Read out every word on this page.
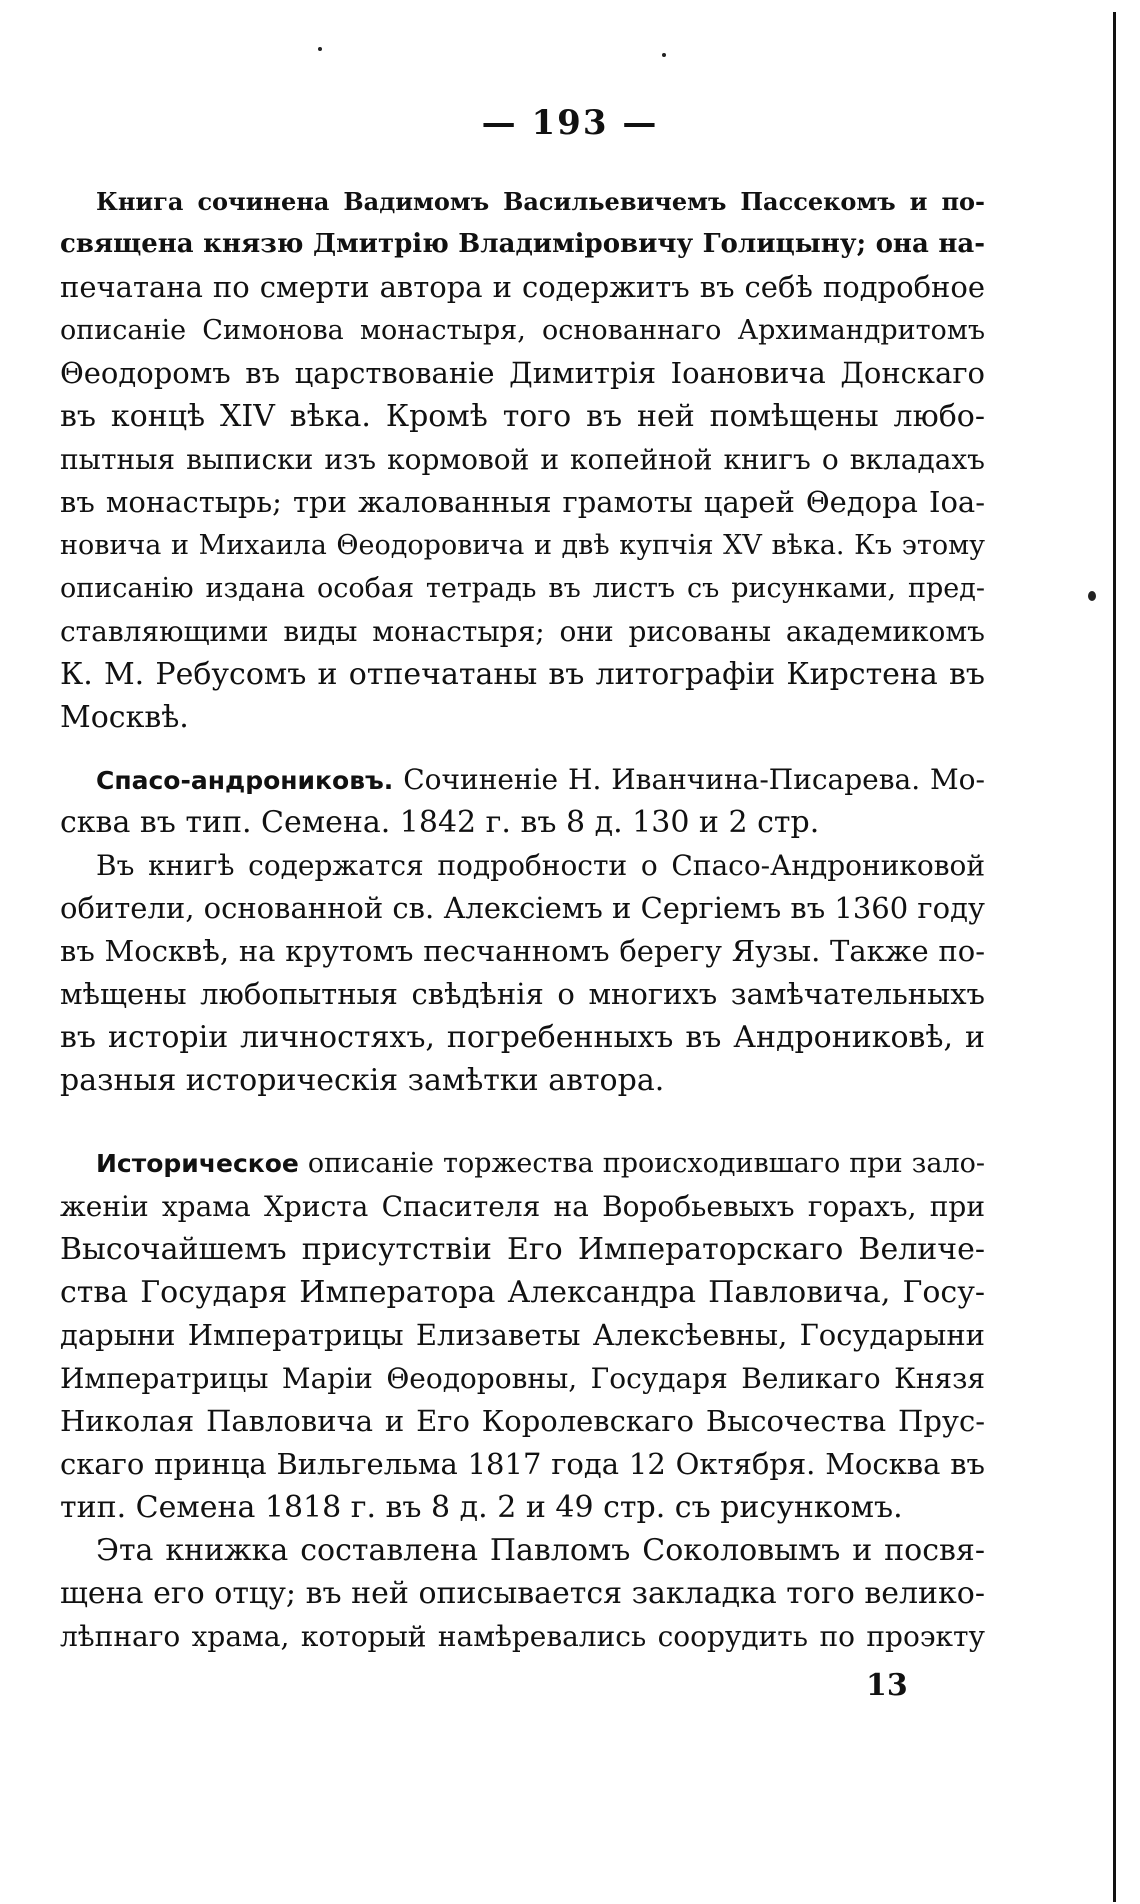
— 193 —
Книга сочинена Вадимомъ Васильевичемъ Пассекомъ и по-
священа князю Дмитрію Владиміровичу Голицыну; она на-
печатана по смерти автора и содержитъ въ себѣ подробное
описаніе Симонова монастыря, основаннаго Архимандритомъ
Θеодоромъ въ царствованіе Димитрія Іоановича Донскаго
въ концѣ XIV вѣка. Кромѣ того въ ней помѣщены любо-
пытныя выписки изъ кормовой и копейной книгъ о вкладахъ
въ монастырь; три жалованныя грамоты царей Θедора Іоа-
новича и Михаила Θеодоровича и двѣ купчія XV вѣка. Къ этому
описанію издана особая тетрадь въ листъ съ рисунками, пред-
ставляющими виды монастыря; они рисованы академикомъ
К. М. Ребусомъ и отпечатаны въ литографіи Кирстена въ
Москвѣ.
Спасо-андрониковъ. Сочиненіе Н. Иванчина-Писарева. Мо-
сква въ тип. Семена. 1842 г. въ 8 д. 130 и 2 стр.
Въ книгѣ содержатся подробности о Спасо-Андрониковой
обители, основанной св. Алексіемъ и Сергіемъ въ 1360 году
въ Москвѣ, на крутомъ песчанномъ берегу Яузы. Также по-
мѣщены любопытныя свѣдѣнія о многихъ замѣчательныхъ
въ исторіи личностяхъ, погребенныхъ въ Андрониковѣ, и
разныя историческія замѣтки автора.
Историческое описаніе торжества происходившаго при зало-
женіи храма Христа Спасителя на Воробьевыхъ горахъ, при
Высочайшемъ присутствіи Его Императорскаго Величе-
ства Государя Императора Александра Павловича, Госу-
дарыни Императрицы Елизаветы Алексѣевны, Государыни
Императрицы Маріи Θеодоровны, Государя Великаго Князя
Николая Павловича и Его Королевскаго Высочества Прус-
скаго принца Вильгельма 1817 года 12 Октября. Москва въ
тип. Семена 1818 г. въ 8 д. 2 и 49 стр. съ рисункомъ.
Эта книжка составлена Павломъ Соколовымъ и посвя-
щена его отцу; въ ней описывается закладка того велико-
лѣпнаго храма, который намѣревались соорудить по проэкту
13
